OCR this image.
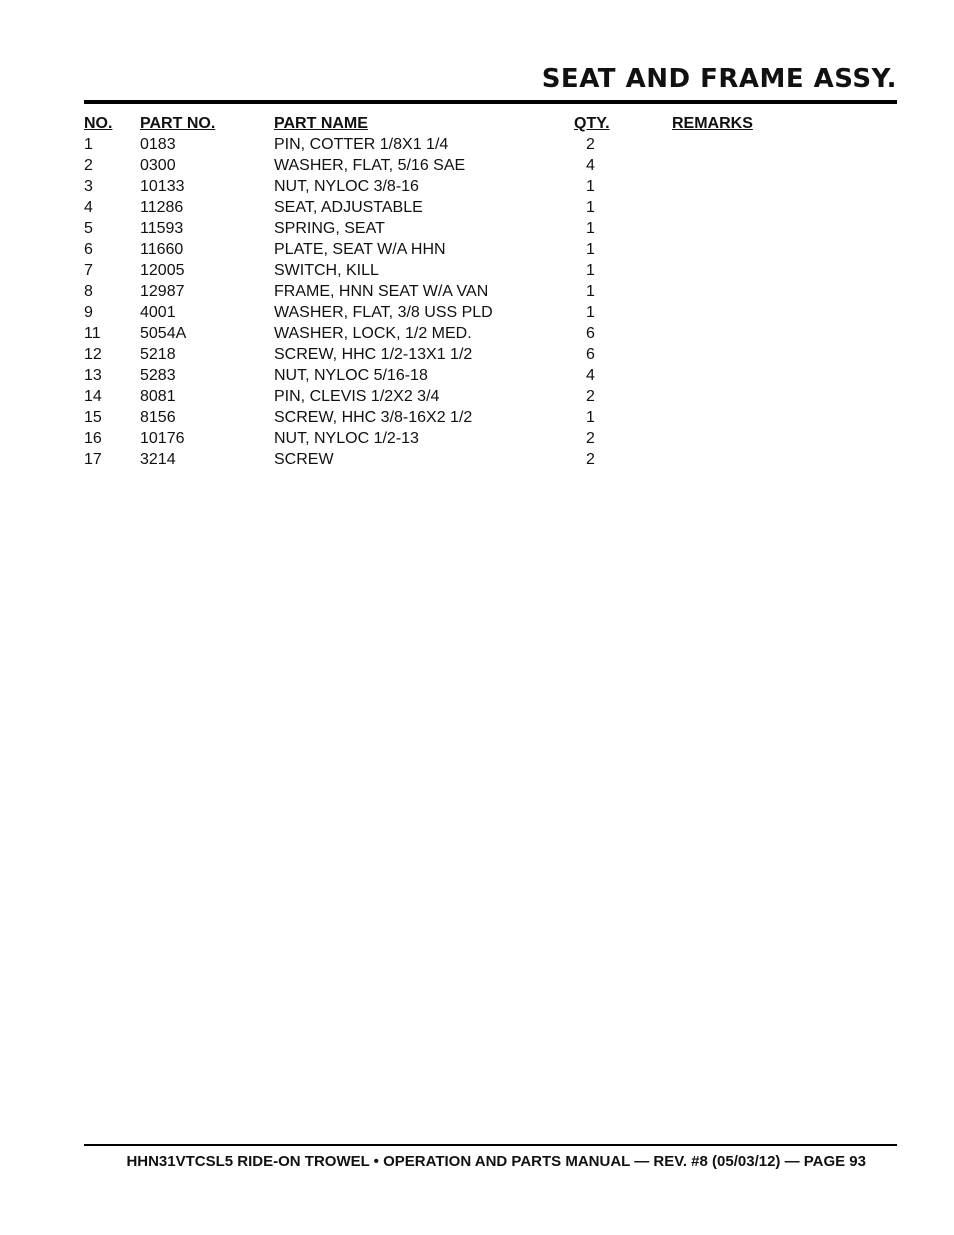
SEAT AND FRAME ASSY.
NO.	PART NO.	PART NAME	QTY.	REMARKS
1	0183	PIN, COTTER 1/8X1 1/4	2	
2	0300	WASHER, FLAT, 5/16 SAE	4	
3	10133	NUT, NYLOC 3/8-16	1	
4	11286	SEAT, ADJUSTABLE	1	
5	11593	SPRING, SEAT	1	
6	11660	PLATE, SEAT W/A HHN	1	
7	12005	SWITCH, KILL	1	
8	12987	FRAME, HNN SEAT W/A VAN	1	
9	4001	WASHER, FLAT, 3/8 USS PLD	1	
11	5054A	WASHER, LOCK, 1/2 MED.	6	
12	5218	SCREW, HHC 1/2-13X1 1/2	6	
13	5283	NUT, NYLOC 5/16-18	4	
14	8081	PIN, CLEVIS 1/2X2 3/4	2	
15	8156	SCREW, HHC 3/8-16X2 1/2	1	
16	10176	NUT, NYLOC 1/2-13	2	
17	3214	SCREW	2	
HHN31VTCSL5 RIDE-ON TROWEL • OPERATION AND PARTS MANUAL — REV. #8 (05/03/12) — PAGE 93
